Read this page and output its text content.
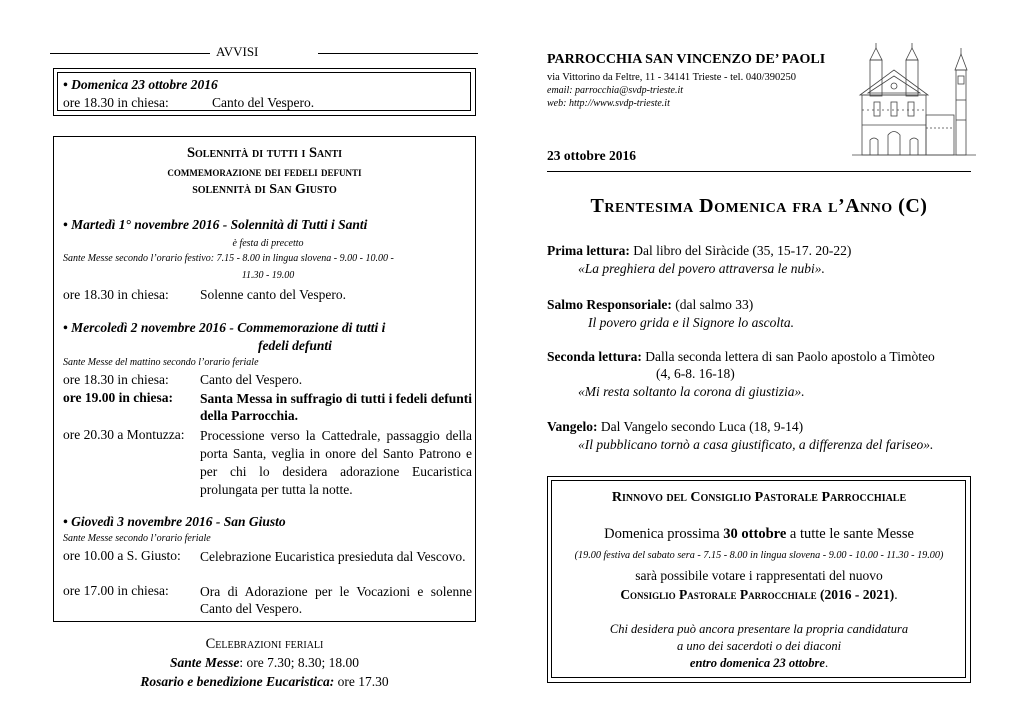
AVVISI
• Domenica 23 ottobre 2016
ore 18.30 in chiesa:	Canto del Vespero.
Solennità di tutti i Santi
commemorazione dei fedeli defunti
solennità di San Giusto
• Martedì 1° novembre 2016 - Solennità di Tutti i Santi
è festa di precetto
Sante Messe secondo l’orario festivo: 7.15 - 8.00 in lingua slovena - 9.00 - 10.00 -
11.30 - 19.00
ore 18.30 in chiesa: Solenne canto del Vespero.
• Mercoledì 2 novembre 2016 - Commemorazione di tutti i
fedeli defunti
Sante Messe del mattino secondo l’orario feriale
ore 18.30 in chiesa: Canto del Vespero.
ore 19.00 in chiesa: Santa Messa in suffragio di tutti i fedeli defunti della Parrocchia.
ore 20.30 a Montuzza: Processione verso la Cattedrale, passaggio della porta Santa, veglia in onore del Santo Patrono e per chi lo desidera adorazione Eucaristica prolungata per tutta la notte.
• Giovedì 3 novembre 2016 - San Giusto
Sante Messe secondo l’orario feriale
ore 10.00 a S. Giusto: Celebrazione Eucaristica presieduta dal Vescovo.
ore 17.00 in chiesa: Ora di Adorazione per le Vocazioni e solenne Canto del Vespero.
Celebrazioni feriali
Sante Messe: ore 7.30; 8.30; 18.00
Rosario e benedizione Eucaristica: ore 17.30
PARROCCHIA SAN VINCENZO DE’ PAOLI
via Vittorino da Feltre, 11 - 34141 Trieste - tel. 040/390250
email: parrocchia@svdp-trieste.it
web: http://www.svdp-trieste.it
23 ottobre 2016
Trentesima Domenica fra l’Anno (C)
Prima lettura: Dal libro del Siràcide (35, 15-17. 20-22)
«La preghiera del povero attraversa le nubi».
Salmo Responsoriale: (dal salmo 33)
Il povero grida e il Signore lo ascolta.
Seconda lettura: Dalla seconda lettera di san Paolo apostolo a Timòteo
(4, 6-8. 16-18)
«Mi resta soltanto la corona di giustizia».
Vangelo: Dal Vangelo secondo Luca (18, 9-14)
«Il pubblicano tornò a casa giustificato, a differenza del fariseo».
Rinnovo del Consiglio Pastorale Parrocchiale
Domenica prossima 30 ottobre a tutte le sante Messe
(19.00 festiva del sabato sera - 7.15 - 8.00 in lingua slovena - 9.00 - 10.00 - 11.30 - 19.00)
sarà possibile votare i rappresentati del nuovo
Consiglio Pastorale Parrocchiale (2016 - 2021).
Chi desidera può ancora presentare la propria candidatura
a uno dei sacerdoti o dei diaconi
entro domenica 23 ottobre.
